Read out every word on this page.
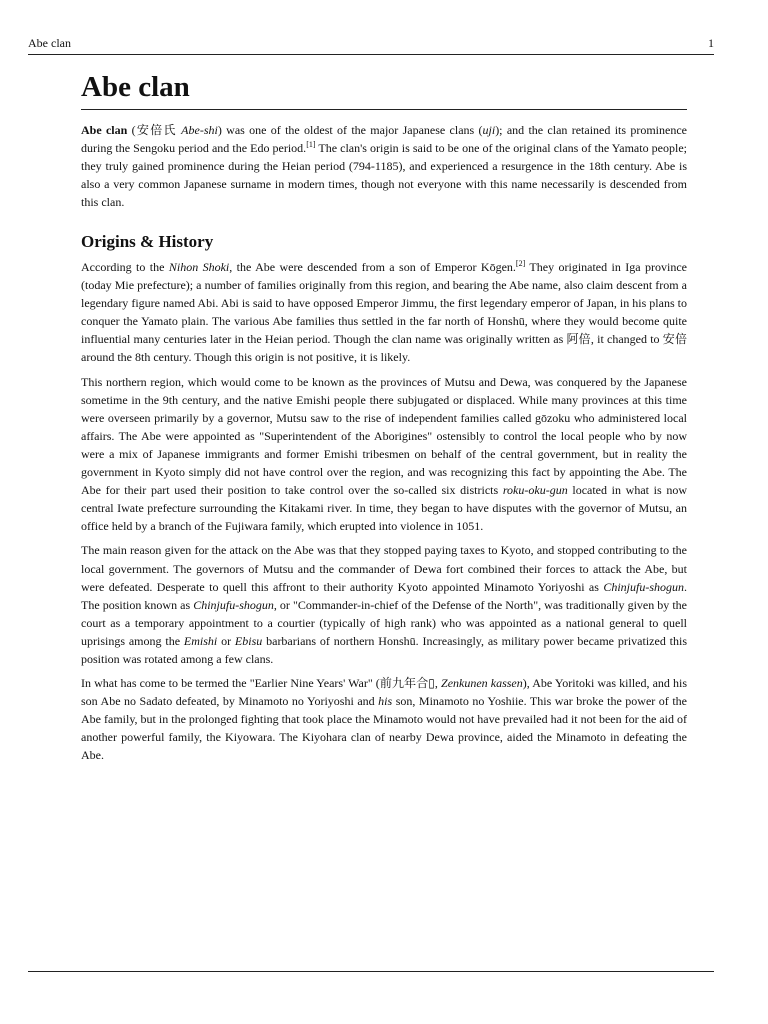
Abe clan	1
Abe clan

Abe clan (安倍氏 Abe-shi) was one of the oldest of the major Japanese clans (uji); and the clan retained its prominence during the Sengoku period and the Edo period.[1] The clan's origin is said to be one of the original clans of the Yamato people; they truly gained prominence during the Heian period (794-1185), and experienced a resurgence in the 18th century. Abe is also a very common Japanese surname in modern times, though not everyone with this name necessarily is descended from this clan.

Origins & History

According to the Nihon Shoki, the Abe were descended from a son of Emperor Kōgen.[2] They originated in Iga province (today Mie prefecture); a number of families originally from this region, and bearing the Abe name, also claim descent from a legendary figure named Abi. Abi is said to have opposed Emperor Jimmu, the first legendary emperor of Japan, in his plans to conquer the Yamato plain. The various Abe families thus settled in the far north of Honshū, where they would become quite influential many centuries later in the Heian period. Though the clan name was originally written as 阿倍, it changed to 安倍 around the 8th century. Though this origin is not positive, it is likely.

This northern region, which would come to be known as the provinces of Mutsu and Dewa, was conquered by the Japanese sometime in the 9th century, and the native Emishi people there subjugated or displaced. While many provinces at this time were overseen primarily by a governor, Mutsu saw to the rise of independent families called gōzoku who administered local affairs. The Abe were appointed as "Superintendent of the Aborigines" ostensibly to control the local people who by now were a mix of Japanese immigrants and former Emishi tribesmen on behalf of the central government, but in reality the government in Kyoto simply did not have control over the region, and was recognizing this fact by appointing the Abe. The Abe for their part used their position to take control over the so-called six districts roku-oku-gun located in what is now central Iwate prefecture surrounding the Kitakami river. In time, they began to have disputes with the governor of Mutsu, an office held by a branch of the Fujiwara family, which erupted into violence in 1051.

The main reason given for the attack on the Abe was that they stopped paying taxes to Kyoto, and stopped contributing to the local government. The governors of Mutsu and the commander of Dewa fort combined their forces to attack the Abe, but were defeated. Desperate to quell this affront to their authority Kyoto appointed Minamoto Yoriyoshi as Chinjufu-shogun. The position known as Chinjufu-shogun, or "Commander-in-chief of the Defense of the North", was traditionally given by the court as a temporary appointment to a courtier (typically of high rank) who was appointed as a national general to quell uprisings among the Emishi or Ebisu barbarians of northern Honshū. Increasingly, as military power became privatized this position was rotated among a few clans.

In what has come to be termed the "Earlier Nine Years' War" (前九年合▯, Zenkunen kassen), Abe Yoritoki was killed, and his son Abe no Sadato defeated, by Minamoto no Yoriyoshi and his son, Minamoto no Yoshiie. This war broke the power of the Abe family, but in the prolonged fighting that took place the Minamoto would not have prevailed had it not been for the aid of another powerful family, the Kiyowara. The Kiyohara clan of nearby Dewa province, aided the Minamoto in defeating the Abe.
